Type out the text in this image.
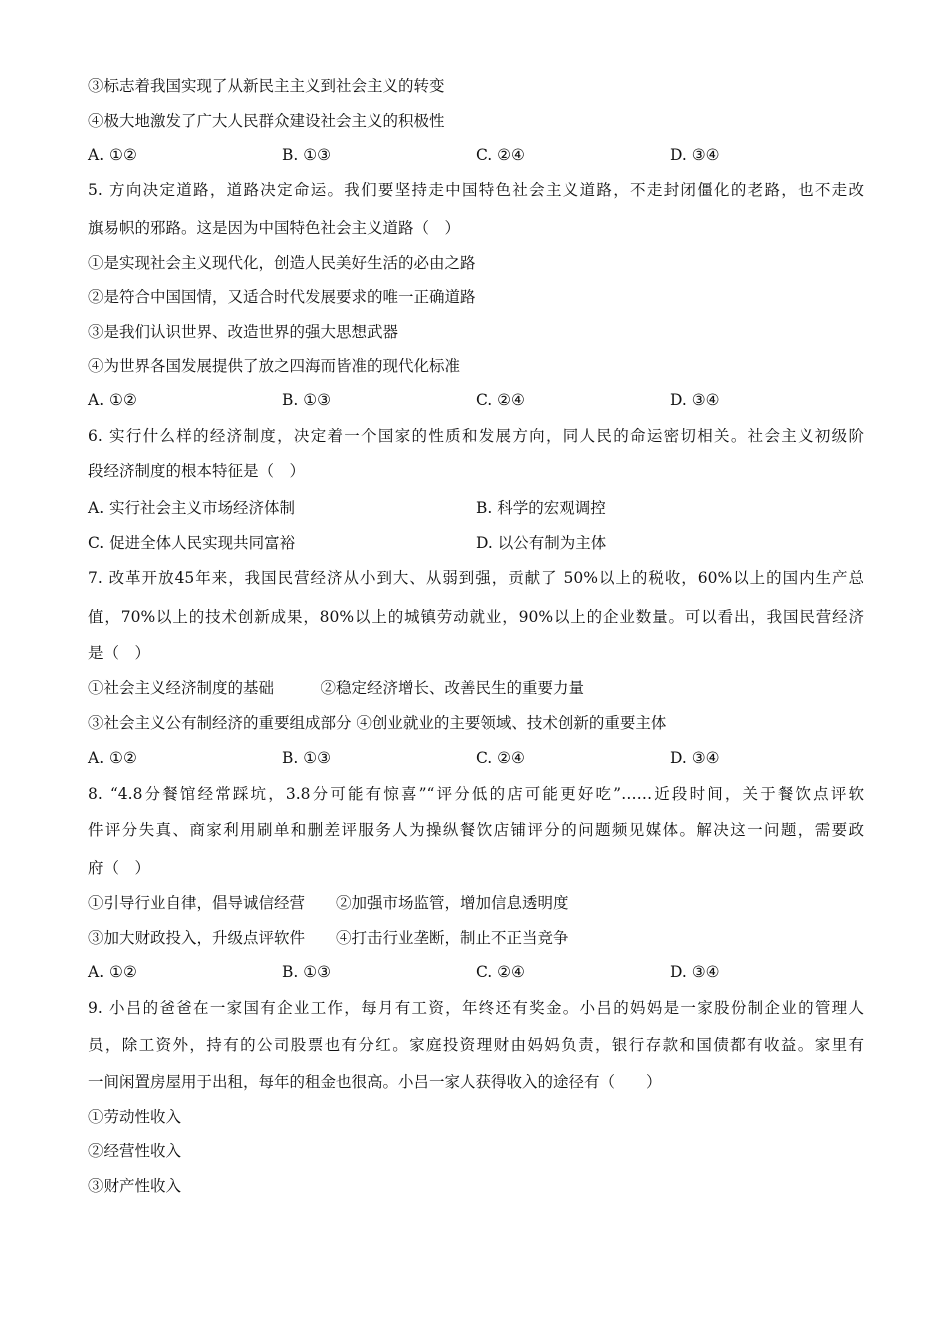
③标志着我国实现了从新民主主义到社会主义的转变
④极大地激发了广大人民群众建设社会主义的积极性
A. ①②	B. ①③	C. ②④	D. ③④
5. 方向决定道路，道路决定命运。我们要坚持走中国特色社会主义道路，不走封闭僵化的老路，也不走改
旗易帜的邪路。这是因为中国特色社会主义道路（　）
①是实现社会主义现代化，创造人民美好生活的必由之路
②是符合中国国情，又适合时代发展要求的唯一正确道路
③是我们认识世界、改造世界的强大思想武器
④为世界各国发展提供了放之四海而皆准的现代化标准
A. ①②	B. ①③	C. ②④	D. ③④
6. 实行什么样的经济制度，决定着一个国家的性质和发展方向，同人民的命运密切相关。社会主义初级阶
段经济制度的根本特征是（　）
A. 实行社会主义市场经济体制	B. 科学的宏观调控
C. 促进全体人民实现共同富裕	D. 以公有制为主体
7. 改革开放45年来，我国民营经济从小到大、从弱到强，贡献了 50%以上的税收，60%以上的国内生产总
值，70%以上的技术创新成果，80%以上的城镇劳动就业，90%以上的企业数量。可以看出，我国民营经济
是（　）
①社会主义经济制度的基础　　　②稳定经济增长、改善民生的重要力量
③社会主义公有制经济的重要组成部分 ④创业就业的主要领域、技术创新的重要主体
A. ①②	B. ①③	C. ②④	D. ③④
8. “4.8分餐馆经常踩坑，3.8分可能有惊喜”“评分低的店可能更好吃”……近段时间，关于餐饮点评软
件评分失真、商家利用刷单和删差评服务人为操纵餐饮店铺评分的问题频见媒体。解决这一问题，需要政
府（　）
①引导行业自律，倡导诚信经营　　②加强市场监管，增加信息透明度
③加大财政投入，升级点评软件　　④打击行业垄断，制止不正当竞争
A. ①②	B. ①③	C. ②④	D. ③④
9. 小吕的爸爸在一家国有企业工作，每月有工资，年终还有奖金。小吕的妈妈是一家股份制企业的管理人
员，除工资外，持有的公司股票也有分红。家庭投资理财由妈妈负责，银行存款和国债都有收益。家里有
一间闲置房屋用于出租，每年的租金也很高。小吕一家人获得收入的途径有（　　）
①劳动性收入
②经营性收入
③财产性收入
